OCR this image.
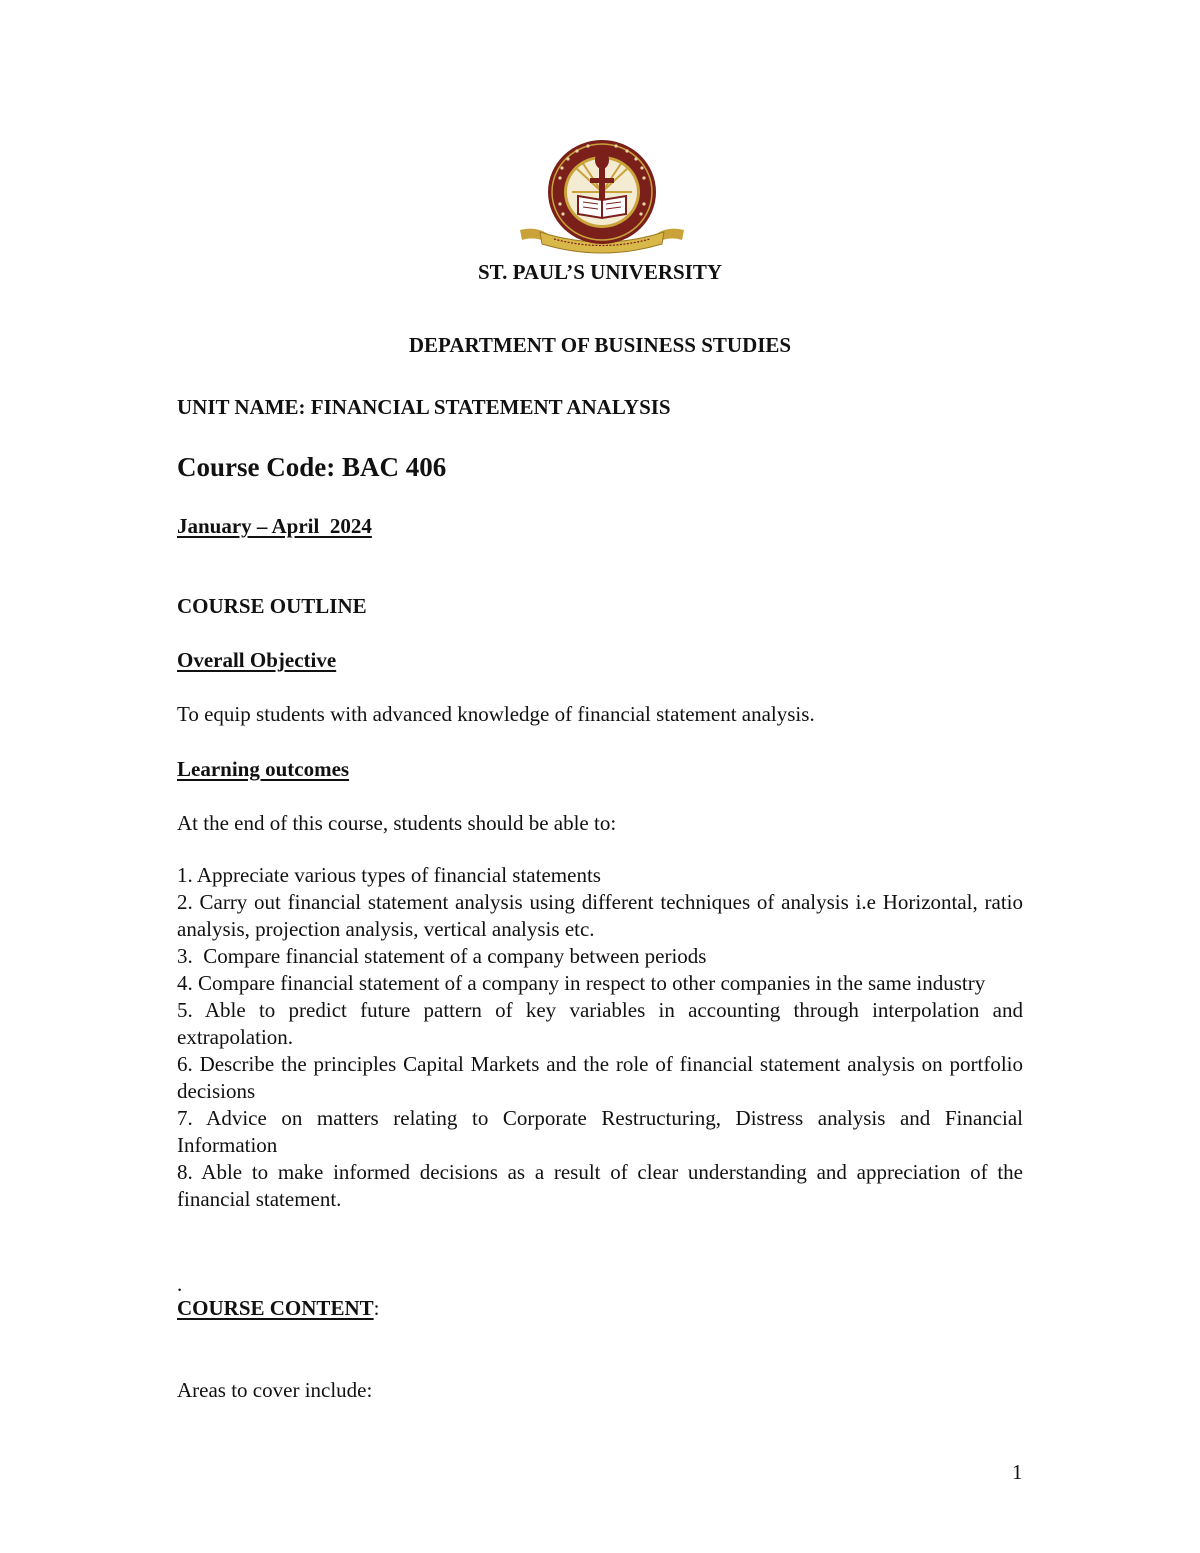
ST. PAUL’S UNIVERSITY
DEPARTMENT OF BUSINESS STUDIES
UNIT NAME: FINANCIAL STATEMENT ANALYSIS
Course Code: BAC 406
January – April  2024
COURSE OUTLINE
Overall Objective
To equip students with advanced knowledge of financial statement analysis.
Learning outcomes
At the end of this course, students should be able to:

1. Appreciate various types of financial statements

2. Carry out financial statement analysis using different techniques of analysis i.e Horizontal, ratio analysis, projection analysis, vertical analysis etc.

3.  Compare financial statement of a company between periods

4. Compare financial statement of a company in respect to other companies in the same industry

5. Able to predict future pattern of key variables in accounting through interpolation and extrapolation.

6. Describe the principles Capital Markets and the role of financial statement analysis on portfolio decisions

7. Advice on matters relating to Corporate Restructuring, Distress analysis and Financial Information

8. Able to make informed decisions as a result of clear understanding and appreciation of the financial statement.

.
COURSE CONTENT:
Areas to cover include:
1
